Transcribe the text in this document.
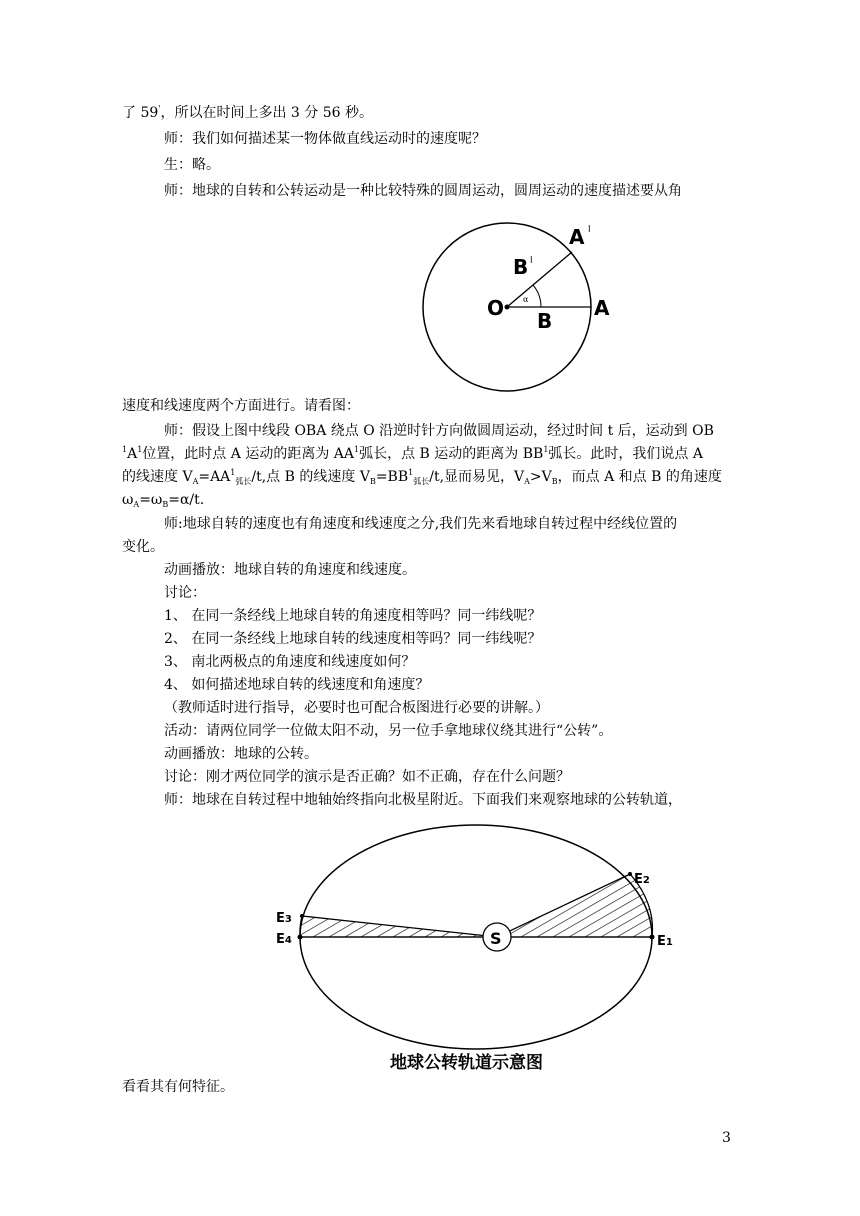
了 59'，所以在时间上多出 3 分 56 秒。
师：我们如何描述某一物体做直线运动时的速度呢？
生：略。
师：地球的自转和公转运动是一种比较特殊的圆周运动，圆周运动的速度描述要从角
α
O
B
A
B l
A l
速度和线速度两个方面进行。请看图：
师：假设上图中线段 OBA 绕点 O 沿逆时针方向做圆周运动，经过时间 t 后，运动到 OB
$^1A^1$位置，此时点 A 运动的距离为 $AA^1$弧长，点 B 运动的距离为 $BB^1$弧长。此时，我们说点 A
的线速度 $V_A=AA^1_{弧长}/t$,点 B 的线速度 $V_B=BB^1_{弧长}/t$,显而易见，$V_A>V_B$，而点 A 和点 B 的角速度
$\omega_A=\omega_B=\alpha/t$.
师:地球自转的速度也有角速度和线速度之分,我们先来看地球自转过程中经线位置的
变化。
动画播放：地球自转的角速度和线速度。
讨论：
1、 在同一条经线上地球自转的角速度相等吗？同一纬线呢？
2、 在同一条经线上地球自转的线速度相等吗？同一纬线呢？
3、 南北两极点的角速度和线速度如何？
4、 如何描述地球自转的线速度和角速度？
（教师适时进行指导，必要时也可配合板图进行必要的讲解。）
活动：请两位同学一位做太阳不动，另一位手拿地球仪绕其进行“公转”。
动画播放：地球的公转。
讨论：刚才两位同学的演示是否正确？如不正确，存在什么问题？
师：地球在自转过程中地轴始终指向北极星附近。下面我们来观察地球的公转轨道，
S	E1
E2
E3
E4
地球公转轨道示意图
看看其有何特征。
3
